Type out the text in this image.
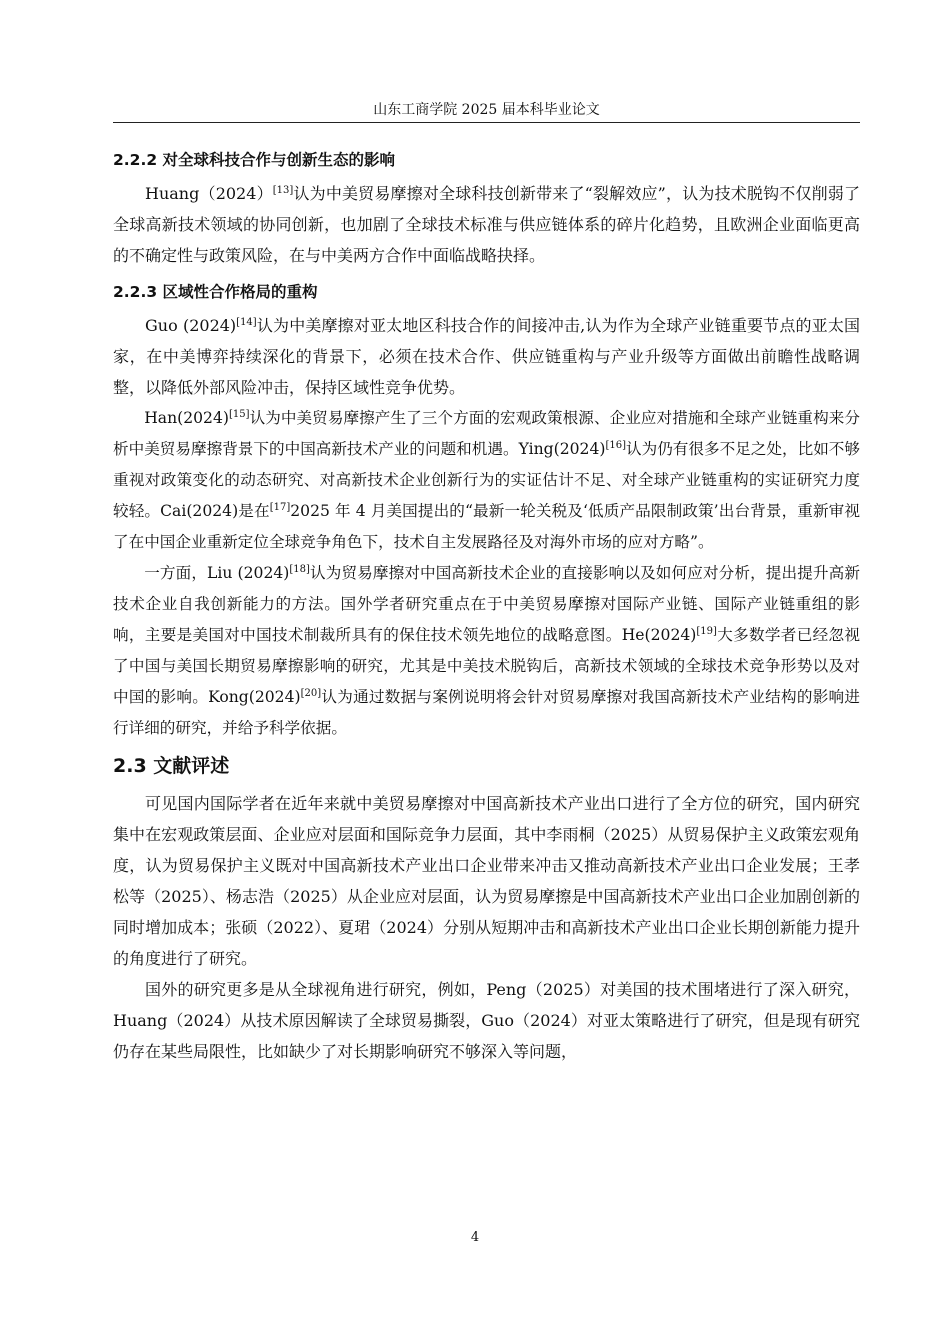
山东工商学院 2025 届本科毕业论文
2.2.2 对全球科技合作与创新生态的影响

Huang（2024）[13]认为中美贸易摩擦对全球科技创新带来了“裂解效应”，认为技术脱钩不仅削弱了全球高新技术领域的协同创新，也加剧了全球技术标准与供应链体系的碎片化趋势，且欧洲企业面临更高的不确定性与政策风险，在与中美两方合作中面临战略抉择。

2.2.3 区域性合作格局的重构

Guo (2024)[14]认为中美摩擦对亚太地区科技合作的间接冲击,认为作为全球产业链重要节点的亚太国家，在中美博弈持续深化的背景下，必须在技术合作、供应链重构与产业升级等方面做出前瞻性战略调整，以降低外部风险冲击，保持区域性竞争优势。

Han(2024)[15]认为中美贸易摩擦产生了三个方面的宏观政策根源、企业应对措施和全球产业链重构来分析中美贸易摩擦背景下的中国高新技术产业的问题和机遇。Ying(2024)[16]认为仍有很多不足之处，比如不够重视对政策变化的动态研究、对高新技术企业创新行为的实证估计不足、对全球产业链重构的实证研究力度较轻。Cai(2024)是在[17]2025 年 4 月美国提出的“最新一轮关税及‘低质产品限制政策’出台背景，重新审视了在中国企业重新定位全球竞争角色下，技术自主发展路径及对海外市场的应对方略”。

一方面，Liu (2024)[18]认为贸易摩擦对中国高新技术企业的直接影响以及如何应对分析，提出提升高新技术企业自我创新能力的方法。国外学者研究重点在于中美贸易摩擦对国际产业链、国际产业链重组的影响，主要是美国对中国技术制裁所具有的保住技术领先地位的战略意图。He(2024)[19]大多数学者已经忽视了中国与美国长期贸易摩擦影响的研究，尤其是中美技术脱钩后，高新技术领域的全球技术竞争形势以及对中国的影响。Kong(2024)[20]认为通过数据与案例说明将会针对贸易摩擦对我国高新技术产业结构的影响进行详细的研究，并给予科学依据。

2.3 文献评述

可见国内国际学者在近年来就中美贸易摩擦对中国高新技术产业出口进行了全方位的研究，国内研究集中在宏观政策层面、企业应对层面和国际竞争力层面，其中李雨桐（2025）从贸易保护主义政策宏观角度，认为贸易保护主义既对中国高新技术产业出口企业带来冲击又推动高新技术产业出口企业发展；王孝松等（2025）、杨志浩（2025）从企业应对层面，认为贸易摩擦是中国高新技术产业出口企业加剧创新的同时增加成本；张硕（2022）、夏珺（2024）分别从短期冲击和高新技术产业出口企业长期创新能力提升的角度进行了研究。

国外的研究更多是从全球视角进行研究，例如，Peng（2025）对美国的技术围堵进行了深入研究，Huang（2024）从技术原因解读了全球贸易撕裂，Guo（2024）对亚太策略进行了研究，但是现有研究仍存在某些局限性，比如缺少了对长期影响研究不够深入等问题，

4
